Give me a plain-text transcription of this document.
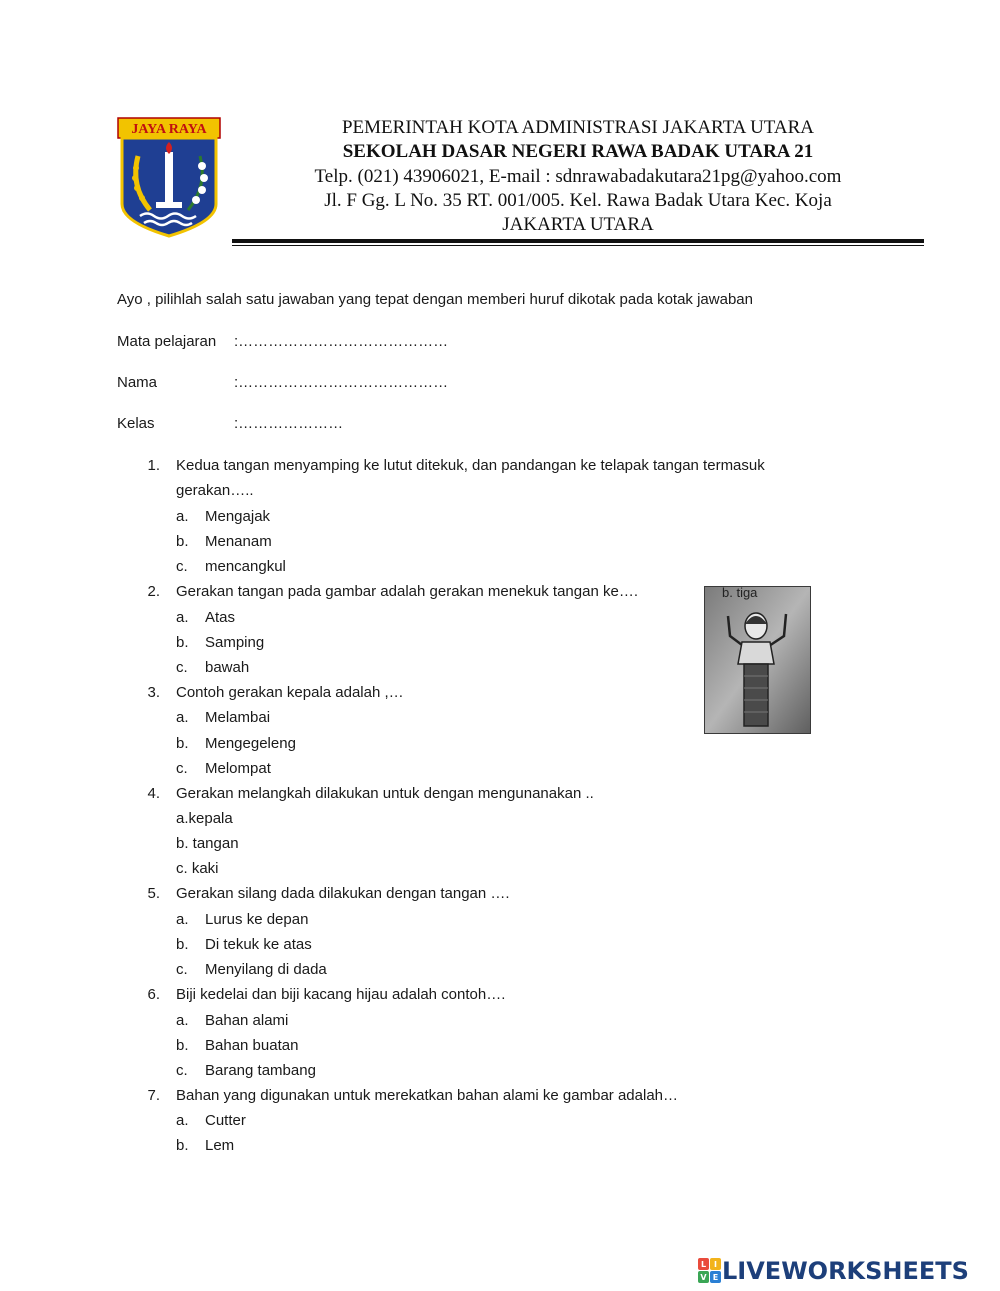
JAYA RAYA	PEMERINTAH KOTA ADMINISTRASI JAKARTA UTARA
SEKOLAH DASAR NEGERI RAWA BADAK UTARA 21
Telp. (021) 43906021, E-mail : sdnrawabadakutara21pg@yahoo.com
Jl. F Gg. L No. 35 RT. 001/005. Kel. Rawa Badak Utara Kec. Koja
JAKARTA UTARA
Ayo , pilihlah salah satu jawaban yang tepat dengan memberi huruf dikotak pada kotak jawaban
Mata pelajaran :……………………………………
Nama	:……………………………………
Kelas	:…………………
1. Kedua tangan menyamping ke lutut ditekuk, dan pandangan ke telapak tangan termasuk
gerakan…..
a. Mengajak
b. Menanam
c. mencangkul
2. Gerakan tangan pada gambar adalah gerakan menekuk tangan ke….
a. Atas
b. Samping
c. bawah
b. tiga
3. Contoh gerakan kepala adalah ,…
a. Melambai
b. Mengegeleng
c. Melompat
4. Gerakan melangkah dilakukan untuk dengan mengunanakan ..
a.kepala
b. tangan
c. kaki
5. Gerakan silang dada dilakukan dengan tangan ….
a. Lurus ke depan
b. Di tekuk ke atas
c. Menyilang di dada
6. Biji kedelai dan biji kacang hijau adalah contoh….
a. Bahan alami
b. Bahan buatan
c. Barang tambang
7. Bahan yang digunakan untuk merekatkan bahan alami ke gambar adalah…
a. Cutter
b. Lem
L I
V E LIVEWORKSHEETS
